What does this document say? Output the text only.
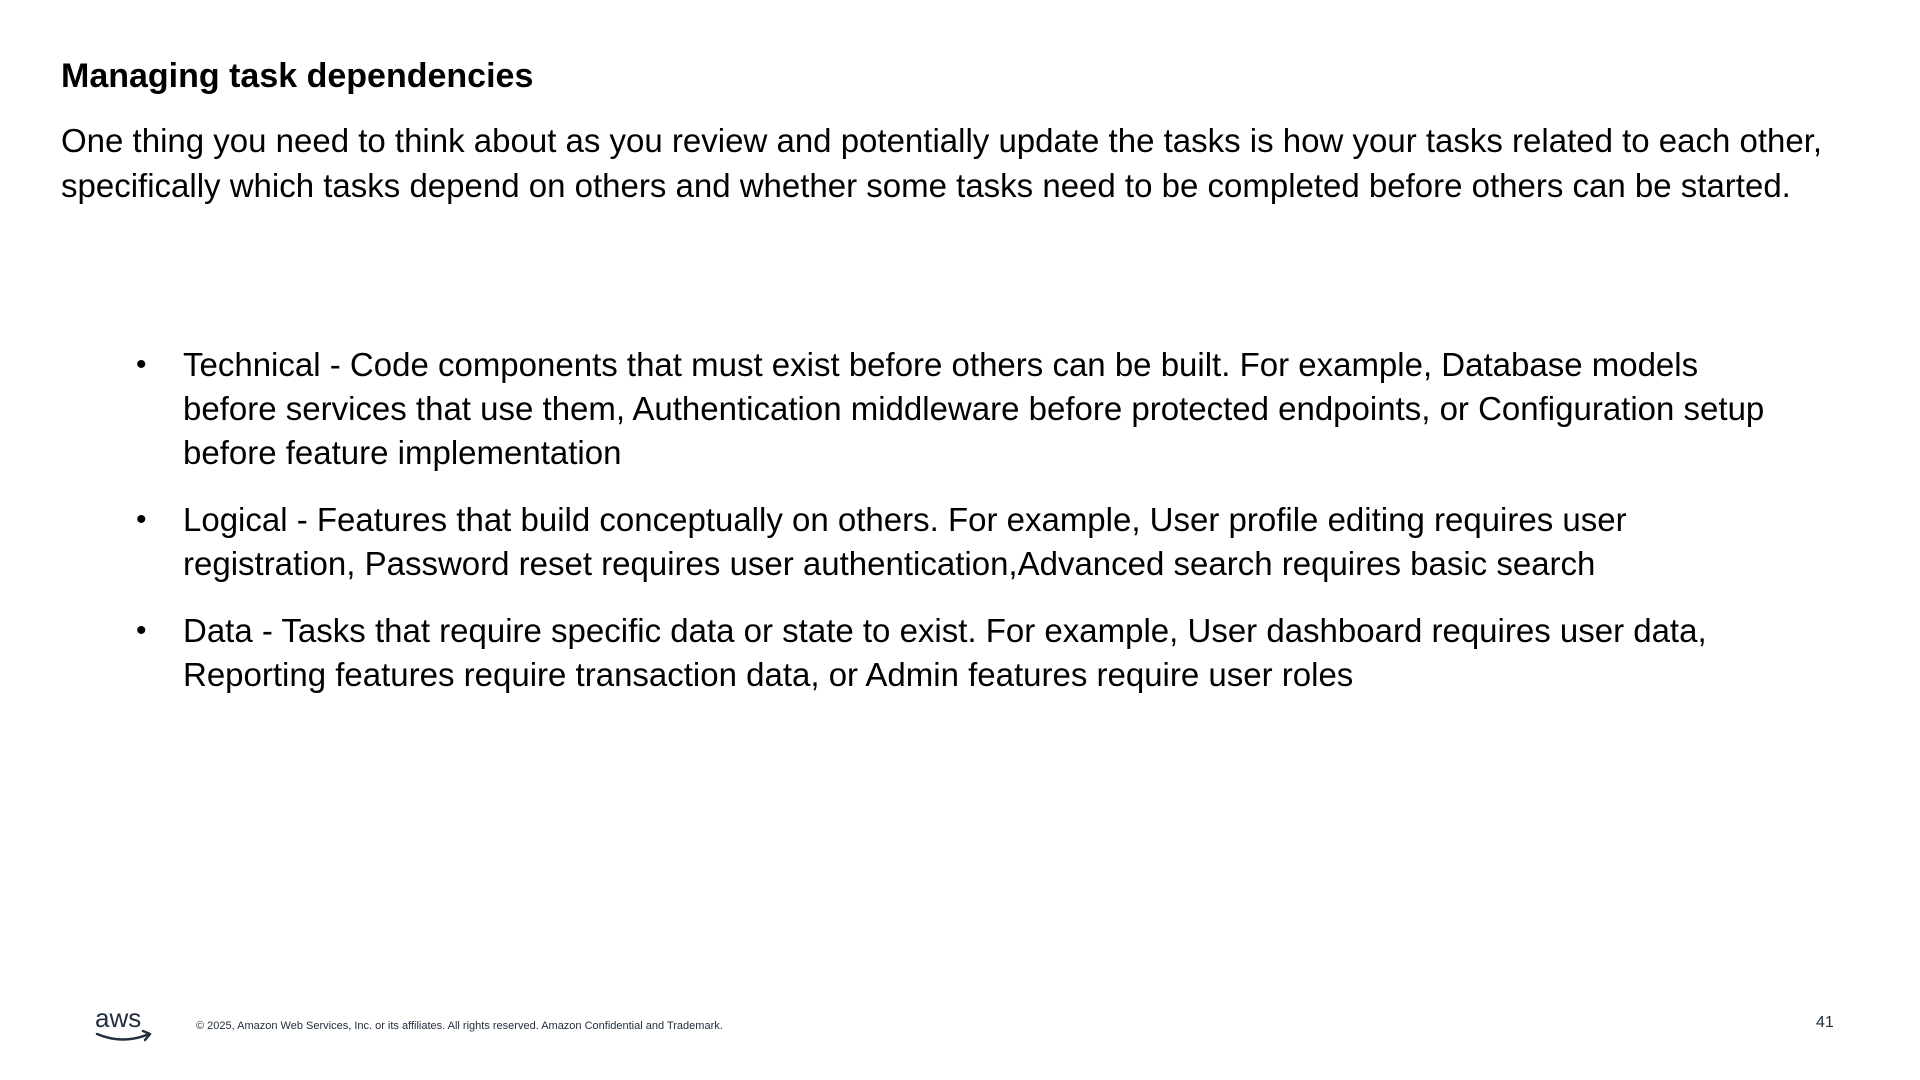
Managing task dependencies

One thing you need to think about as you review and potentially update the tasks is how your tasks related to each other, specifically which tasks depend on others and whether some tasks need to be completed before others can be started.

• Technical - Code components that must exist before others can be built. For example, Database models before services that use them, Authentication middleware before protected endpoints, or Configuration setup before feature implementation
• Logical - Features that build conceptually on others. For example, User profile editing requires user registration, Password reset requires user authentication,Advanced search requires basic search
• Data - Tasks that require specific data or state to exist. For example, User dashboard requires user data, Reporting features require transaction data, or Admin features require user roles
aws	© 2025, Amazon Web Services, Inc. or its affiliates. All rights reserved. Amazon Confidential and Trademark.	41
